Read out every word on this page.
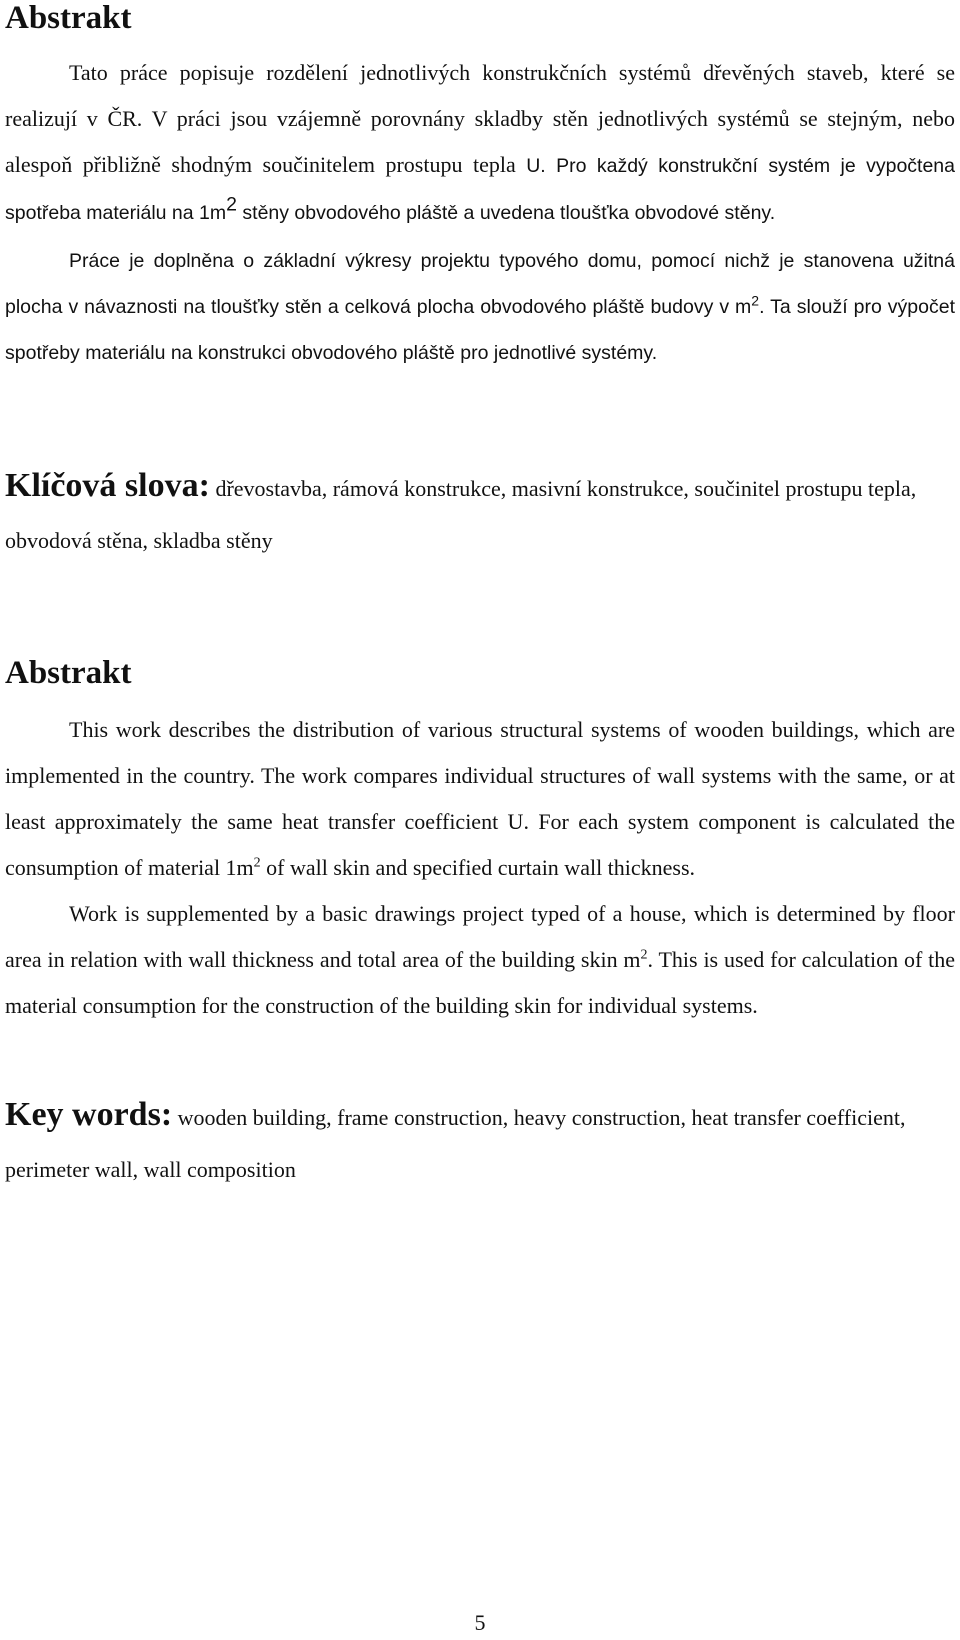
Abstrakt

Tato práce popisuje rozdělení jednotlivých konstrukčních systémů dřevěných staveb, které se realizují v ČR. V práci jsou vzájemně porovnány skladby stěn jednotlivých systémů se stejným, nebo alespoň přibližně shodným součinitelem prostupu tepla U. Pro každý konstrukční systém je vypočtena spotřeba materiálu na $1m^2$ stěny obvodového pláště a uvedena tloušťka obvodové stěny.

Práce je doplněna o základní výkresy projektu typového domu, pomocí nichž je stanovena užitná plocha v návaznosti na tloušťky stěn a celková plocha obvodového pláště budovy v $m^2$. Ta slouží pro výpočet spotřeby materiálu na konstrukci obvodového pláště pro jednotlivé systémy.

Klíčová slova: dřevostavba, rámová konstrukce, masivní konstrukce, součinitel prostupu tepla, obvodová stěna, skladba stěny

Abstrakt

This work describes the distribution of various structural systems of wooden buildings, which are implemented in the country. The work compares individual structures of wall systems with the same, or at least approximately the same heat transfer coefficient U. For each system component is calculated the consumption of material $1m^2$ of wall skin and specified curtain wall thickness.

Work is supplemented by a basic drawings project typed of a house, which is determined by floor area in relation with wall thickness and total area of the building skin $m^2$. This is used for calculation of the material consumption for the construction of the building skin for individual systems.

Key words: wooden building, frame construction, heavy construction, heat transfer coefficient, perimeter wall, wall composition

5
